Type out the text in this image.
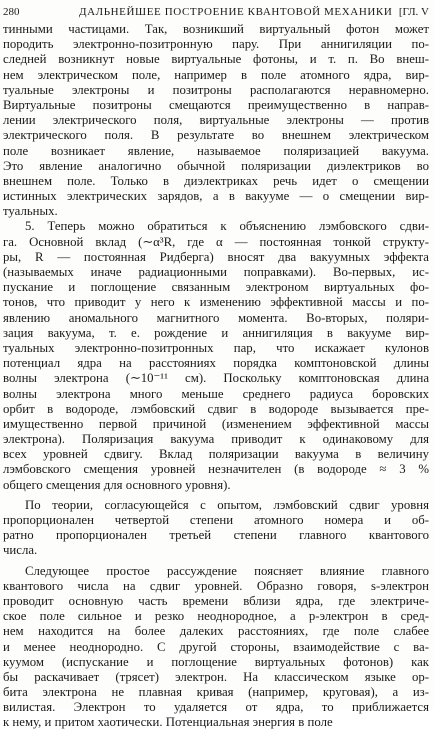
280	ДАЛЬНЕЙШЕЕ ПОСТРОЕНИЕ КВАНТОВОЙ МЕХАНИКИ [ГЛ. V
тинными частицами. Так, возникший виртуальный фотон может
породить электронно-позитронную пару. При аннигиляции по-
следней возникнут новые виртуальные фотоны, и т. п. Во внеш-
нем электрическом поле, например в поле атомного ядра, вир-
туальные электроны и позитроны располагаются неравномерно.
Виртуальные позитроны смещаются преимущественно в направ-
лении электрического поля, виртуальные электроны — против
электрического поля. В результате во внешнем электрическом
поле возникает явление, называемое поляризацией вакуума.
Это явление аналогично обычной поляризации диэлектриков во
внешнем поле. Только в диэлектриках речь идет о смещении
истинных электрических зарядов, а в вакууме — о смещении вир-
туальных.
5. Теперь можно обратиться к объяснению лэмбовского сдви-
га. Основной вклад (∼α³R, где α — постоянная тонкой структу-
ры, R — постоянная Ридберга) вносят два вакуумных эффекта
(называемых иначе радиационными поправками). Во-первых, ис-
пускание и поглощение связанным электроном виртуальных фо-
тонов, что приводит у него к изменению эффективной массы и по-
явлению аномального магнитного момента. Во-вторых, поляри-
зация вакуума, т. е. рождение и аннигиляция в вакууме вир-
туальных электронно-позитронных пар, что искажает кулонов
потенциал ядра на расстояниях порядка комптоновской длины
волны электрона (∼10⁻¹¹ см). Поскольку комптоновская длина
волны электрона много меньше среднего радиуса боровских
орбит в водороде, лэмбовский сдвиг в водороде вызывается пре-
имущественно первой причиной (изменением эффективной массы
электрона). Поляризация вакуума приводит к одинаковому для
всех уровней сдвигу. Вклад поляризации вакуума в величину
лэмбовского смещения уровней незначителен (в водороде ≈ 3 %
общего смещения для основного уровня).
По теории, согласующейся с опытом, лэмбовский сдвиг уровня
пропорционален четвертой степени атомного номера и об-
ратно пропорционален третьей степени главного квантового
числа.
Следующее простое рассуждение поясняет влияние главного
квантового числа на сдвиг уровней. Образно говоря, s-электрон
проводит основную часть времени вблизи ядра, где электриче-
ское поле сильное и резко неоднородное, а p-электрон в сред-
нем находится на более далеких расстояниях, где поле слабее
и менее неоднородно. С другой стороны, взаимодействие с ва-
куумом (испускание и поглощение виртуальных фотонов) как
бы раскачивает (трясет) электрон. На классическом языке ор-
бита электрона не плавная кривая (например, круговая), а из-
вилистая. Электрон то удаляется от ядра, то приближается
к нему, и притом хаотически. Потенциальная энергия в поле
